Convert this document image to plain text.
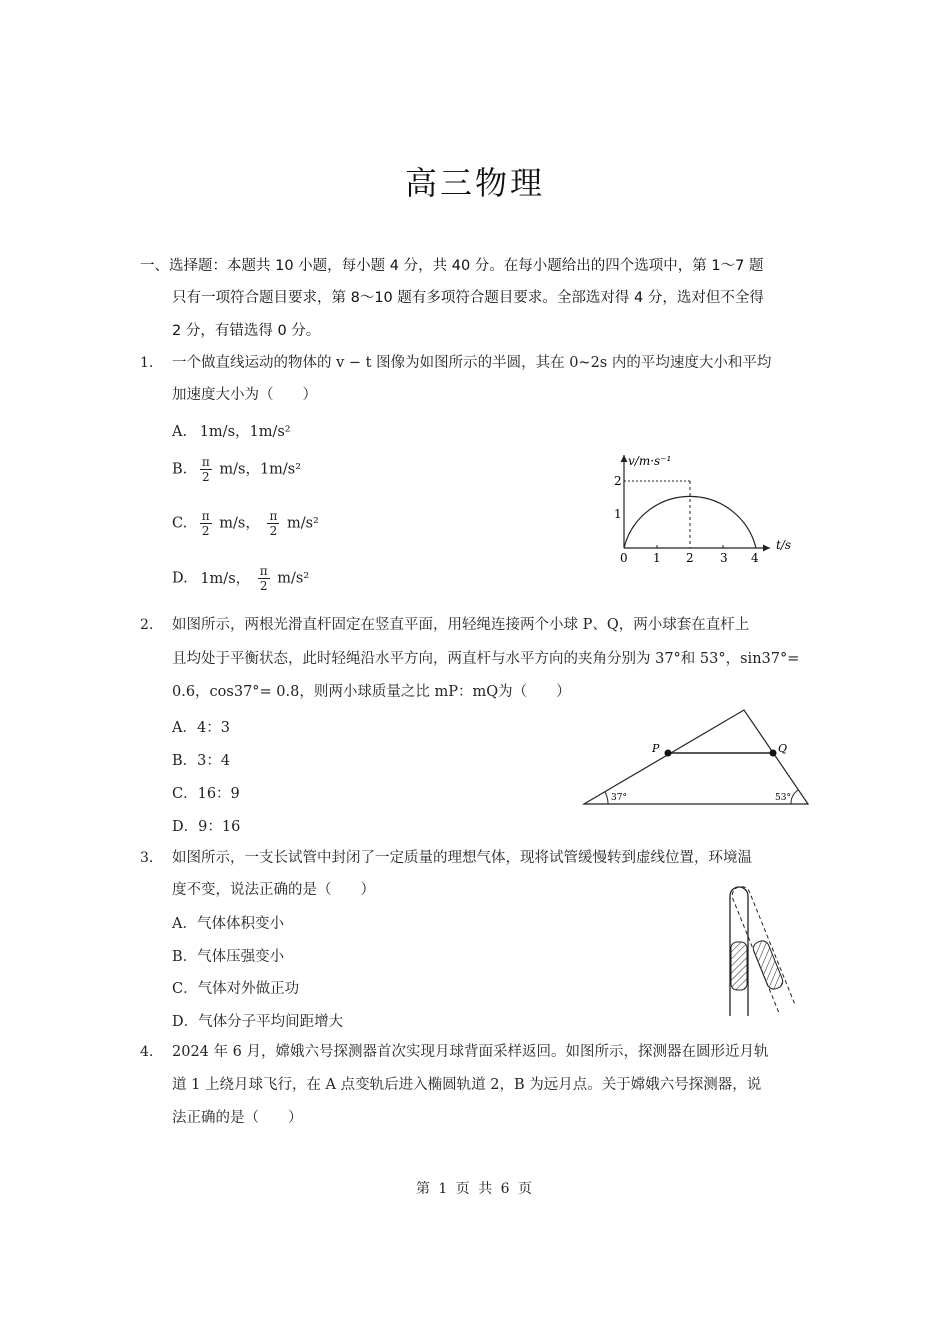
高三物理
一、选择题：本题共 10 小题，每小题 4 分，共 40 分。在每小题给出的四个选项中，第 1～7 题
只有一项符合题目要求，第 8～10 题有多项符合题目要求。全部选对得 4 分，选对但不全得
2 分，有错选得 0 分。
1. 一个做直线运动的物体的 v − t 图像为如图所示的半圆，其在 0~2s 内的平均速度大小和平均
加速度大小为（　　）
A. 1m/s，1m/s²
B. $\frac{\pi}{2} m/s$，1m/s²
C. $\frac{\pi}{2} m/s$， $\frac{\pi}{2} m/s^2$
D. 1m/s， $\frac{\pi}{2} m/s^2$
v/m·s⁻¹
t/s
1
2
0 1 2 3 4
2. 如图所示，两根光滑直杆固定在竖直平面，用轻绳连接两个小球 P、Q，两小球套在直杆上
且均处于平衡状态，此时轻绳沿水平方向，两直杆与水平方向的夹角分别为 37°和 53°，sin37°=
0.6，cos37°= 0.8，则两小球质量之比 mP：mQ为（　　）
A．4：3
B．3：4
C．16：9
D．9：16
P	Q
37°	53°
3. 如图所示，一支长试管中封闭了一定质量的理想气体，现将试管缓慢转到虚线位置，环境温
度不变，说法正确的是（　　）
A．气体体积变小
B．气体压强变小
C．气体对外做正功
D．气体分子平均间距增大
4. 2024 年 6 月，嫦娥六号探测器首次实现月球背面采样返回。如图所示，探测器在圆形近月轨
道 1 上绕月球飞行，在 A 点变轨后进入椭圆轨道 2，B 为远月点。关于嫦娥六号探测器，说
法正确的是（　　）
第 1 页 共 6 页
